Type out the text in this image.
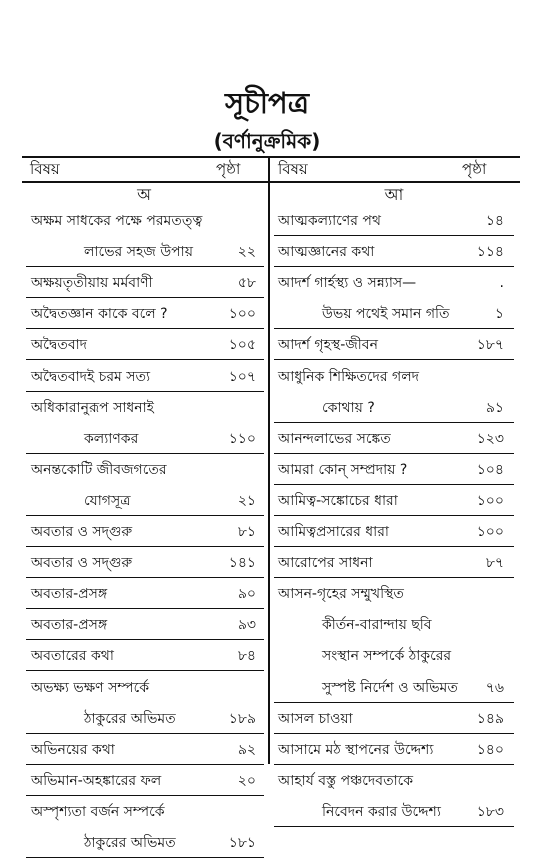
সূচীপত্র
(বর্ণানুক্রমিক)
বিষয়	পৃষ্ঠা	বিষয়	পৃষ্ঠা
অ	আ
অক্ষম সাধকের পক্ষে পরমতত্ত্ব
লাভের সহজ উপায়	২২
অক্ষয়তৃতীয়ায় মর্মবাণী	৫৮
অদ্বৈতজ্ঞান কাকে বলে ?	১০০
অদ্বৈতবাদ	১০৫
অদ্বৈতবাদই চরম সত্য	১০৭
অধিকারানুরূপ সাধনাই
কল্যাণকর	১১০
অনন্তকোটি জীবজগতের
যোগসূত্র	২১
অবতার ও সদ্‌গুরু	৮১
অবতার ও সদ্‌গুরু	১৪১
অবতার-প্রসঙ্গ	৯০
অবতার-প্রসঙ্গ	৯৩
অবতারের কথা	৮৪
অভক্ষ্য ভক্ষণ সম্পর্কে
ঠাকুরের অভিমত	১৮৯
অভিনয়ের কথা	৯২
অভিমান-অহঙ্কারের ফল	২০
অস্পৃশ্যতা বর্জন সম্পর্কে
ঠাকুরের অভিমত	১৮১
আত্মকল্যাণের পথ	১৪
আত্মজ্ঞানের কথা	১১৪
আদর্শ গার্হস্থ্য ও সন্ন্যাস—	.
উভয় পথেই সমান গতি	১
আদর্শ গৃহস্থ-জীবন	১৮৭
আধুনিক শিক্ষিতদের গলদ
কোথায় ?	৯১
আনন্দলাভের সঙ্কেত	১২৩
আমরা কোন্ সম্প্রদায় ?	১০৪
আমিত্ব-সঙ্কোচের ধারা	১০০
আমিত্বপ্রসারের ধারা	১০০
আরোপের সাধনা	৮৭
আসন-গৃহের সম্মুখস্থিত
কীর্তন-বারান্দায় ছবি
সংস্থান সম্পর্কে ঠাকুরের
সুস্পষ্ট নির্দেশ ও অভিমত ৭৬
আসল চাওয়া	১৪৯
আসামে মঠ স্থাপনের উদ্দেশ্য	১৪০
আহার্য বস্তু পঞ্চদেবতাকে
নিবেদন করার উদ্দেশ্য	১৮৩
